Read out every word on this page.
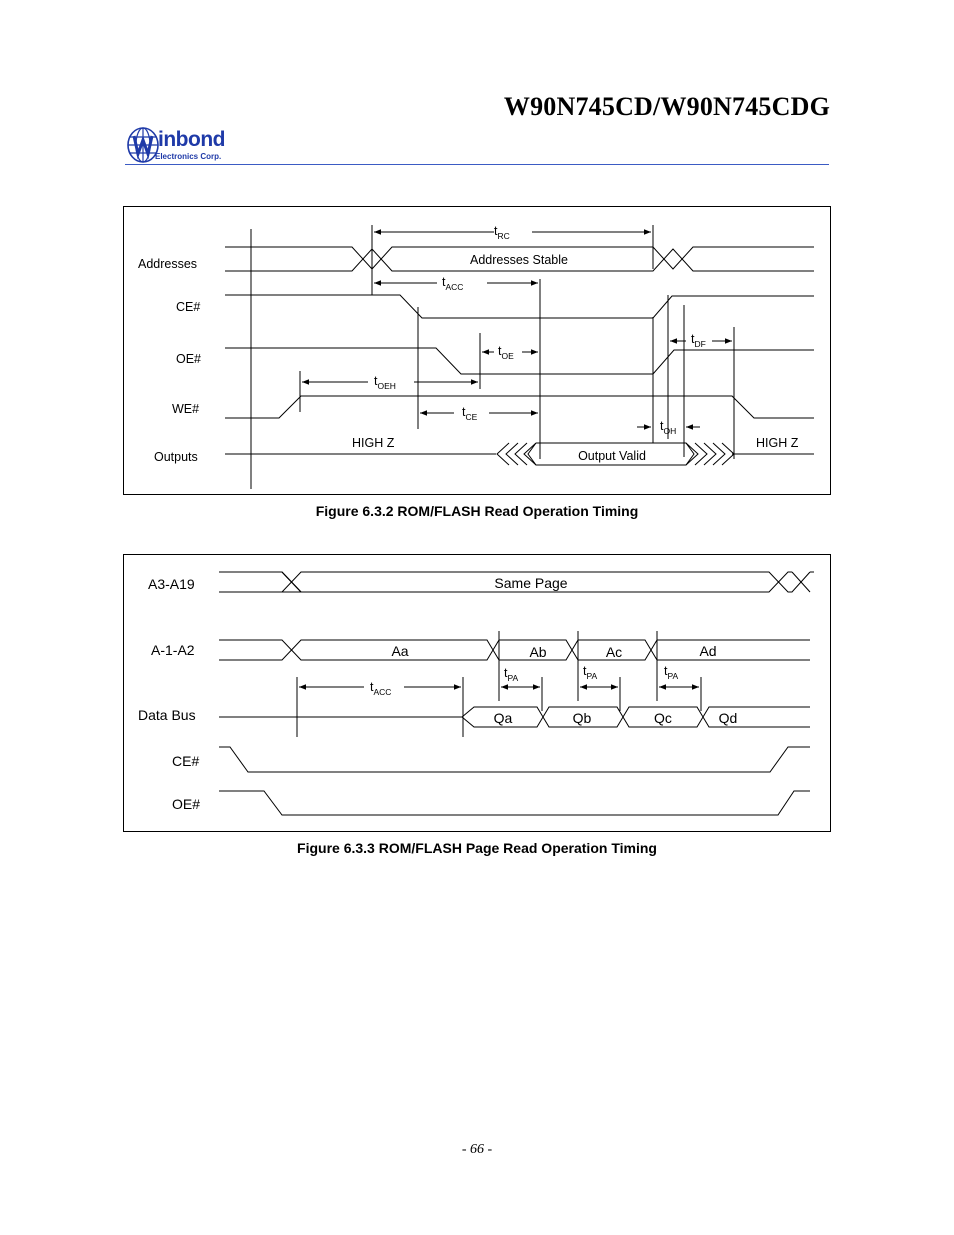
W90N745CD/W90N745CDG
inbond
Electronics Corp.
Addresses
CE#
OE#
WE#
Outputs
Addresses Stable
Output Valid
HIGH Z	HIGH Z
$t_{RC}$
$t_{ACC}$
$t_{OE}$
$t_{DF}$
$t_{OEH}$
$t_{CE}$
$t_{OH}$
Figure 6.3.2 ROM/FLASH Read Operation Timing
A3-A19
A-1-A2
Data Bus
CE#
OE#
Same Page
Aa	Ab	Ac	Ad
Qa	Qb	Qc	Qd
$t_{ACC}$
$t_{PA}$	$t_{PA}$	$t_{PA}$
Figure 6.3.3 ROM/FLASH Page Read Operation Timing
- 66 -
